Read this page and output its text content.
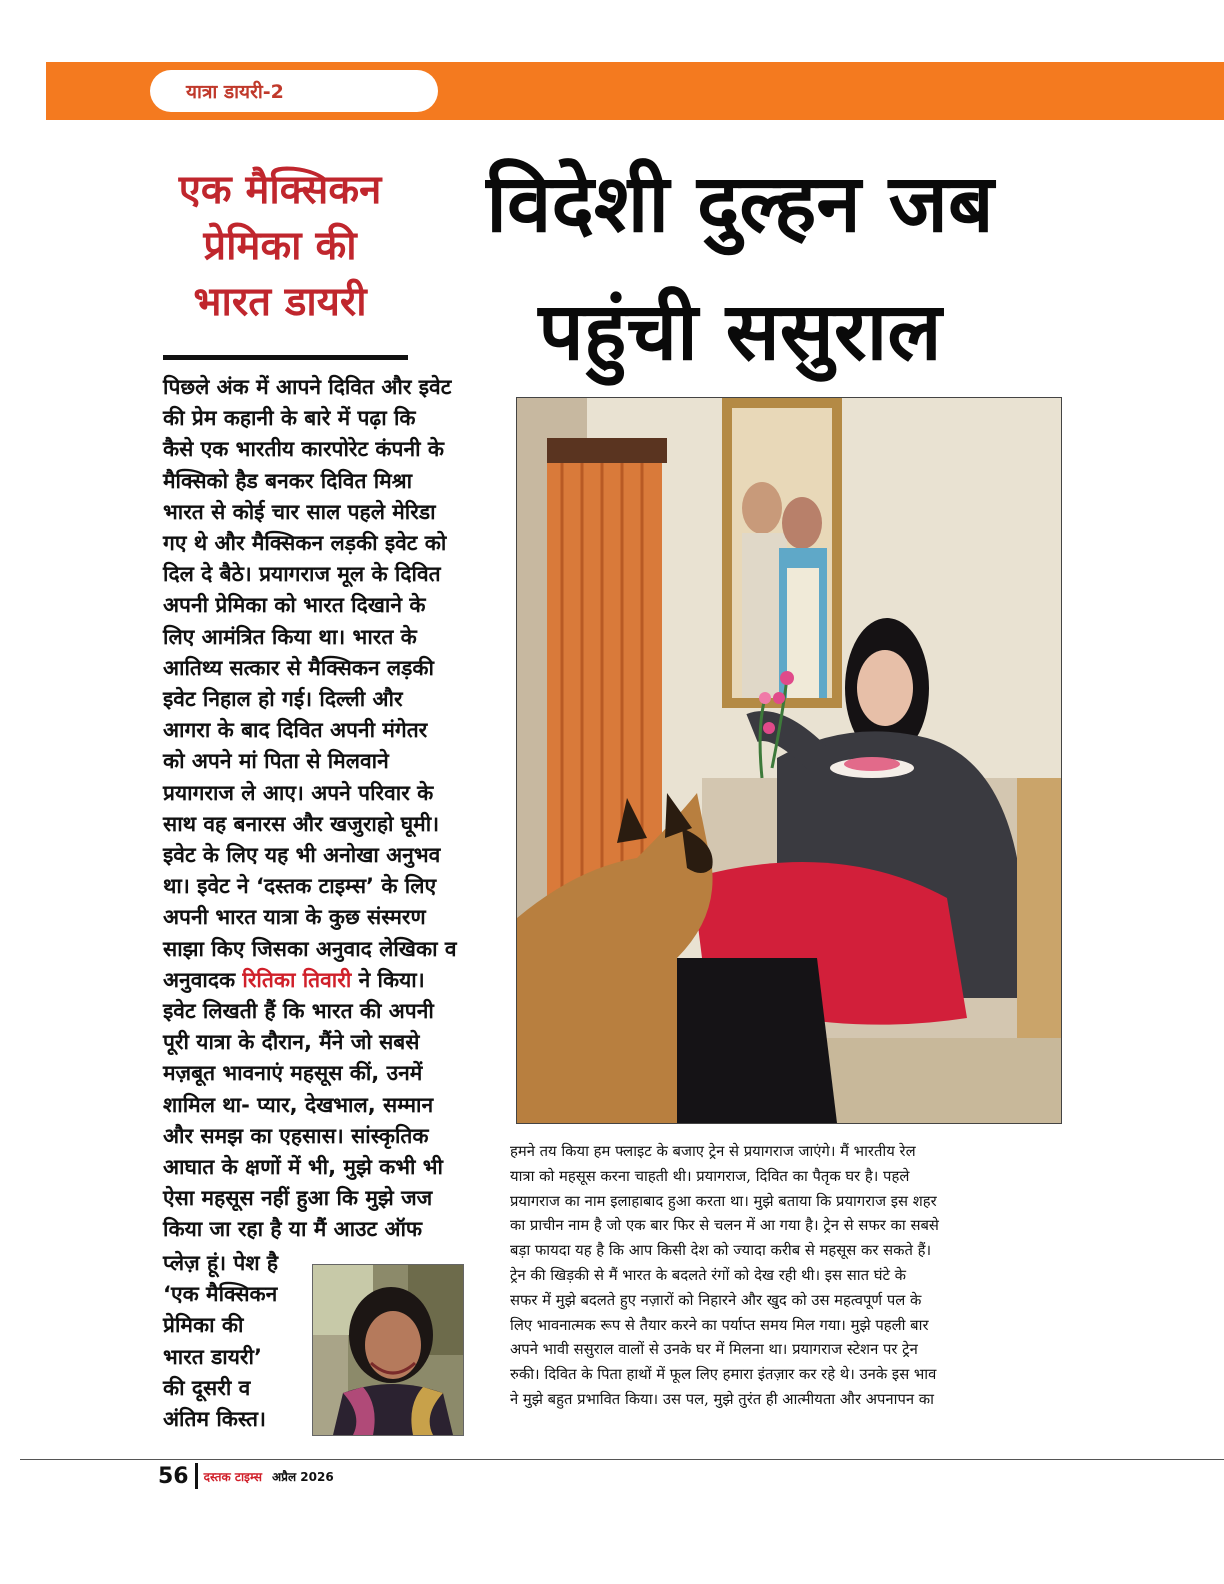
यात्रा डायरी-2
एक मैक्सिकन
प्रेमिका की
भारत डायरी
विदेशी दुल्हन जब
पहुंची ससुराल
पिछले अंक में आपने दिवित और इवेट
की प्रेम कहानी के बारे में पढ़ा कि
कैसे एक भारतीय कारपोरेट कंपनी के
मैक्सिको हैड बनकर दिवित मिश्रा
भारत से कोई चार साल पहले मेरिडा
गए थे और मैक्सिकन लड़की इवेट को
दिल दे बैठे। प्रयागराज मूल के दिवित
अपनी प्रेमिका को भारत दिखाने के
लिए आमंत्रित किया था। भारत के
आतिथ्य सत्कार से मैक्सिकन लड़की
इवेट निहाल हो गई। दिल्ली और
आगरा के बाद दिवित अपनी मंगेतर
को अपने मां पिता से मिलवाने
प्रयागराज ले आए। अपने परिवार के
साथ वह बनारस और खजुराहो घूमी।
इवेट के लिए यह भी अनोखा अनुभव
था। इवेट ने ‘दस्तक टाइम्स’ के लिए
अपनी भारत यात्रा के कुछ संस्मरण
साझा किए जिसका अनुवाद लेखिका व
अनुवादक रितिका तिवारी ने किया।
इवेट लिखती हैं कि भारत की अपनी
पूरी यात्रा के दौरान, मैंने जो सबसे
मज़बूत भावनाएं महसूस कीं, उनमें
शामिल था- प्यार, देखभाल, सम्मान
और समझ का एहसास। सांस्कृतिक
आघात के क्षणों में भी, मुझे कभी भी
ऐसा महसूस नहीं हुआ कि मुझे जज
किया जा रहा है या मैं आउट ऑफ
प्लेज़ हूं। पेश है
‘एक मैक्सिकन
प्रेमिका की
भारत डायरी’
की दूसरी व
अंतिम किस्त।
हमने तय किया हम फ्लाइट के बजाए ट्रेन से प्रयागराज जाएंगे। मैं भारतीय रेल
यात्रा को महसूस करना चाहती थी। प्रयागराज, दिवित का पैतृक घर है। पहले
प्रयागराज का नाम इलाहाबाद हुआ करता था। मुझे बताया कि प्रयागराज इस शहर
का प्राचीन नाम है जो एक बार फिर से चलन में आ गया है। ट्रेन से सफर का सबसे
बड़ा फायदा यह है कि आप किसी देश को ज्यादा करीब से महसूस कर सकते हैं।
ट्रेन की खिड़की से मैं भारत के बदलते रंगों को देख रही थी। इस सात घंटे के
सफर में मुझे बदलते हुए नज़ारों को निहारने और खुद को उस महत्वपूर्ण पल के
लिए भावनात्मक रूप से तैयार करने का पर्याप्त समय मिल गया। मुझे पहली बार
अपने भावी ससुराल वालों से उनके घर में मिलना था। प्रयागराज स्टेशन पर ट्रेन
रुकी। दिवित के पिता हाथों में फूल लिए हमारा इंतज़ार कर रहे थे। उनके इस भाव
ने मुझे बहुत प्रभावित किया। उस पल, मुझे तुरंत ही आत्मीयता और अपनापन का
56 दस्तक टाइम्स अप्रैल 2026
